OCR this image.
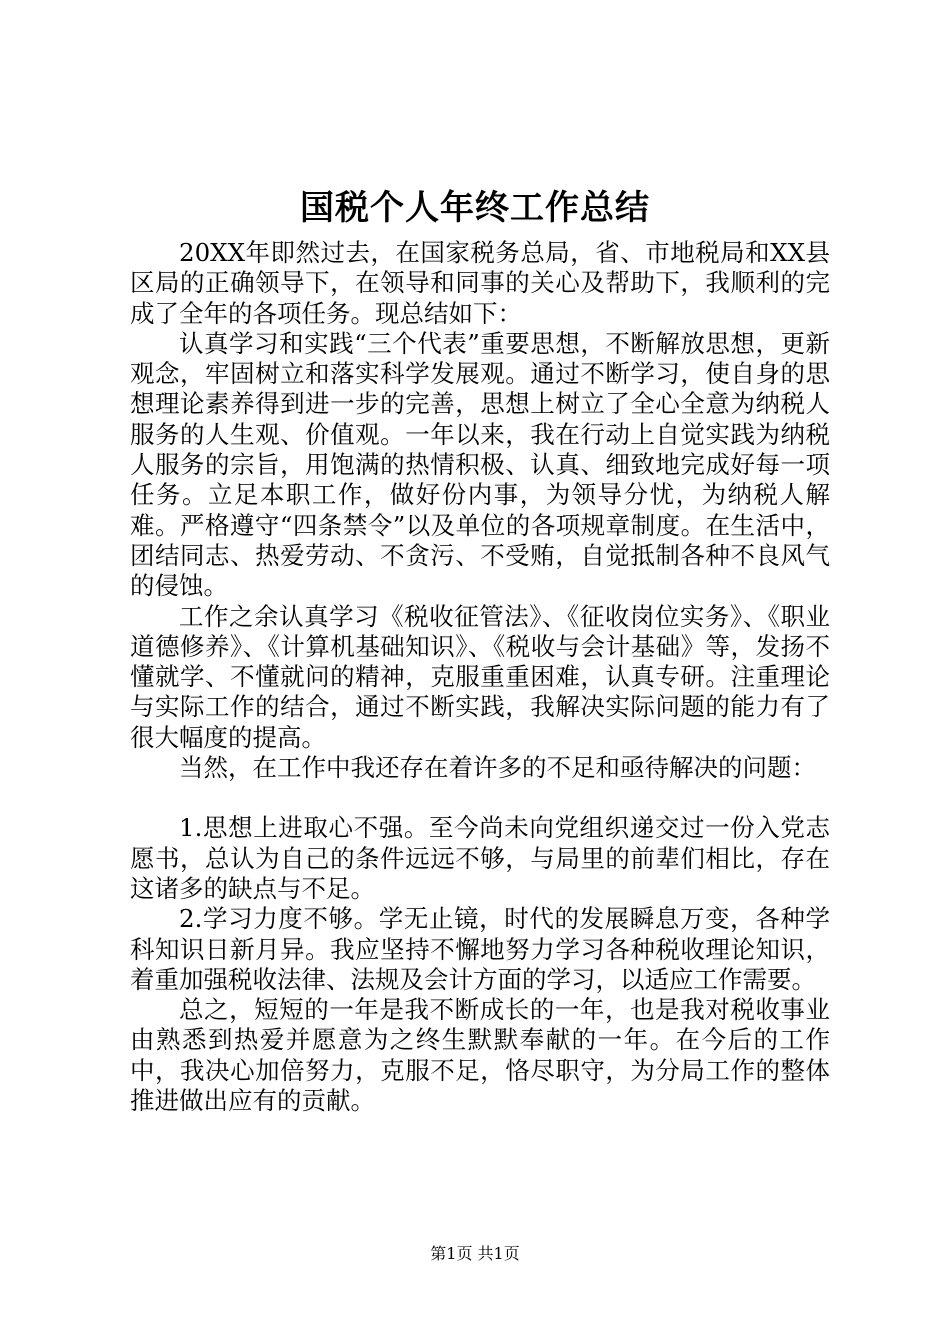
国税个人年终工作总结

20XX年即然过去，在国家税务总局，省、市地税局和XX县区局的正确领导下，在领导和同事的关心及帮助下，我顺利的完成了全年的各项任务。现总结如下：

认真学习和实践“三个代表”重要思想，不断解放思想，更新观念，牢固树立和落实科学发展观。通过不断学习，使自身的思想理论素养得到进一步的完善，思想上树立了全心全意为纳税人服务的人生观、价值观。一年以来，我在行动上自觉实践为纳税人服务的宗旨，用饱满的热情积极、认真、细致地完成好每一项任务。立足本职工作，做好份内事，为领导分忧，为纳税人解难。严格遵守“四条禁令”以及单位的各项规章制度。在生活中，团结同志、热爱劳动、不贪污、不受贿，自觉抵制各种不良风气的侵蚀。

工作之余认真学习《税收征管法》、《征收岗位实务》、《职业道德修养》、《计算机基础知识》、《税收与会计基础》等，发扬不懂就学、不懂就问的精神，克服重重困难，认真专研。注重理论与实际工作的结合，通过不断实践，我解决实际问题的能力有了很大幅度的提高。

当然，在工作中我还存在着许多的不足和亟待解决的问题：

1.思想上进取心不强。至今尚未向党组织递交过一份入党志愿书，总认为自己的条件远远不够，与局里的前辈们相比，存在这诸多的缺点与不足。

2.学习力度不够。学无止镜，时代的发展瞬息万变，各种学科知识日新月异。我应坚持不懈地努力学习各种税收理论知识，着重加强税收法律、法规及会计方面的学习，以适应工作需要。

总之，短短的一年是我不断成长的一年，也是我对税收事业由熟悉到热爱并愿意为之终生默默奉献的一年。在今后的工作中，我决心加倍努力，克服不足，恪尽职守，为分局工作的整体推进做出应有的贡献。

第1页 共1页
